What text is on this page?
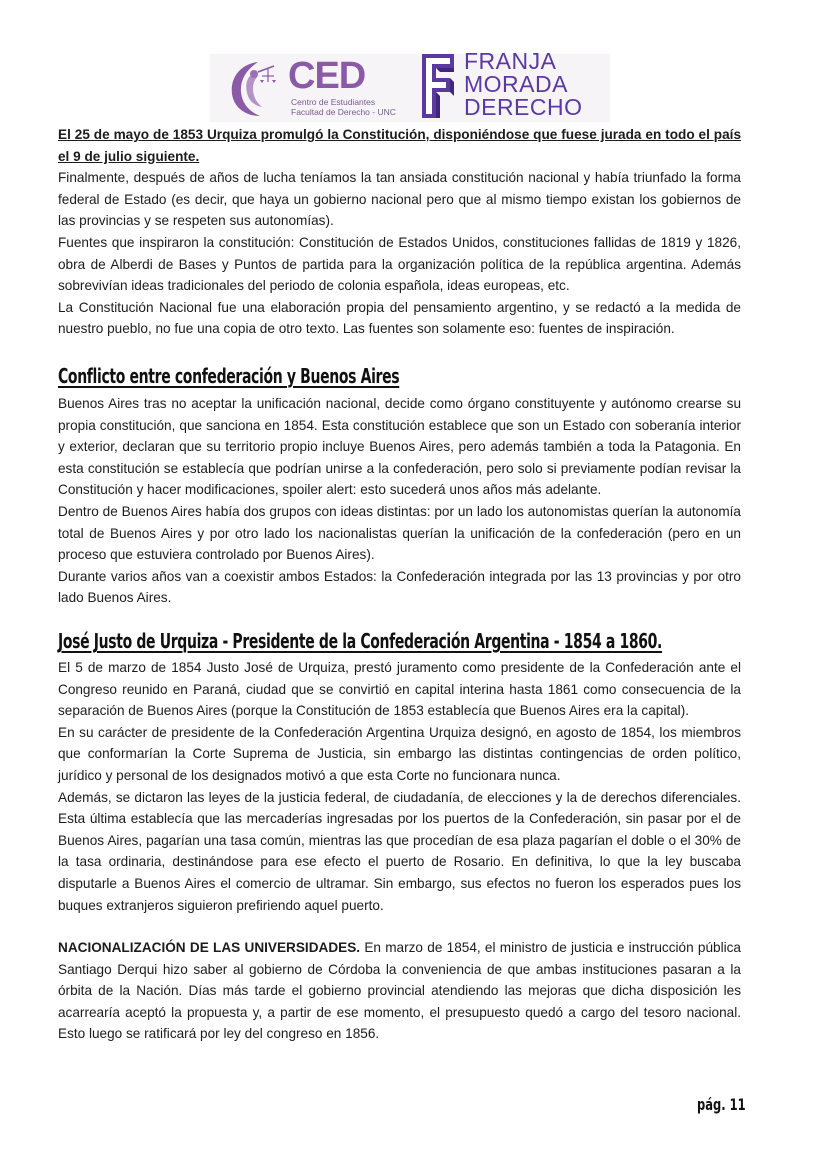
CED
Centro de Estudiantes
Facultad de Derecho - UNC
FRANJA
MORADA
DERECHO

El 25 de mayo de 1853 Urquiza promulgó la Constitución, disponiéndose que fuese jurada en todo el país el 9 de julio siguiente.

Finalmente, después de años de lucha teníamos la tan ansiada constitución nacional y había triunfado la forma federal de Estado (es decir, que haya un gobierno nacional pero que al mismo tiempo existan los gobiernos de las provincias y se respeten sus autonomías).

Fuentes que inspiraron la constitución: Constitución de Estados Unidos, constituciones fallidas de 1819 y 1826, obra de Alberdi de Bases y Puntos de partida para la organización política de la república argentina. Además sobrevivían ideas tradicionales del periodo de colonia española, ideas europeas, etc.

La Constitución Nacional fue una elaboración propia del pensamiento argentino, y se redactó a la medida de nuestro pueblo, no fue una copia de otro texto. Las fuentes son solamente eso: fuentes de inspiración.

Conflicto entre confederación y Buenos Aires

Buenos Aires tras no aceptar la unificación nacional, decide como órgano constituyente y autónomo crearse su propia constitución, que sanciona en 1854. Esta constitución establece que son un Estado con soberanía interior y exterior, declaran que su territorio propio incluye Buenos Aires, pero además también a toda la Patagonia. En esta constitución se establecía que podrían unirse a la confederación, pero solo si previamente podían revisar la Constitución y hacer modificaciones, spoiler alert: esto sucederá unos años más adelante.

Dentro de Buenos Aires había dos grupos con ideas distintas: por un lado los autonomistas querían la autonomía total de Buenos Aires y por otro lado los nacionalistas querían la unificación de la confederación (pero en un proceso que estuviera controlado por Buenos Aires).

Durante varios años van a coexistir ambos Estados: la Confederación integrada por las 13 provincias y por otro lado Buenos Aires.

José Justo de Urquiza - Presidente de la Confederación Argentina - 1854 a 1860.

El 5 de marzo de 1854 Justo José de Urquiza, prestó juramento como presidente de la Confederación ante el Congreso reunido en Paraná, ciudad que se convirtió en capital interina hasta 1861 como consecuencia de la separación de Buenos Aires (porque la Constitución de 1853 establecía que Buenos Aires era la capital).

En su carácter de presidente de la Confederación Argentina Urquiza designó, en agosto de 1854, los miembros que conformarían la Corte Suprema de Justicia, sin embargo las distintas contingencias de orden político, jurídico y personal de los designados motivó a que esta Corte no funcionara nunca.

Además, se dictaron las leyes de la justicia federal, de ciudadanía, de elecciones y la de derechos diferenciales. Esta última establecía que las mercaderías ingresadas por los puertos de la Confederación, sin pasar por el de Buenos Aires, pagarían una tasa común, mientras las que procedían de esa plaza pagarían el doble o el 30% de la tasa ordinaria, destinándose para ese efecto el puerto de Rosario. En definitiva, lo que la ley buscaba disputarle a Buenos Aires el comercio de ultramar. Sin embargo, sus efectos no fueron los esperados pues los buques extranjeros siguieron prefiriendo aquel puerto.

NACIONALIZACIÓN DE LAS UNIVERSIDADES. En marzo de 1854, el ministro de justicia e instrucción pública Santiago Derqui hizo saber al gobierno de Córdoba la conveniencia de que ambas instituciones pasaran a la órbita de la Nación. Días más tarde el gobierno provincial atendiendo las mejoras que dicha disposición les acarrearía aceptó la propuesta y, a partir de ese momento, el presupuesto quedó a cargo del tesoro nacional. Esto luego se ratificará por ley del congreso en 1856.

pág. 11
